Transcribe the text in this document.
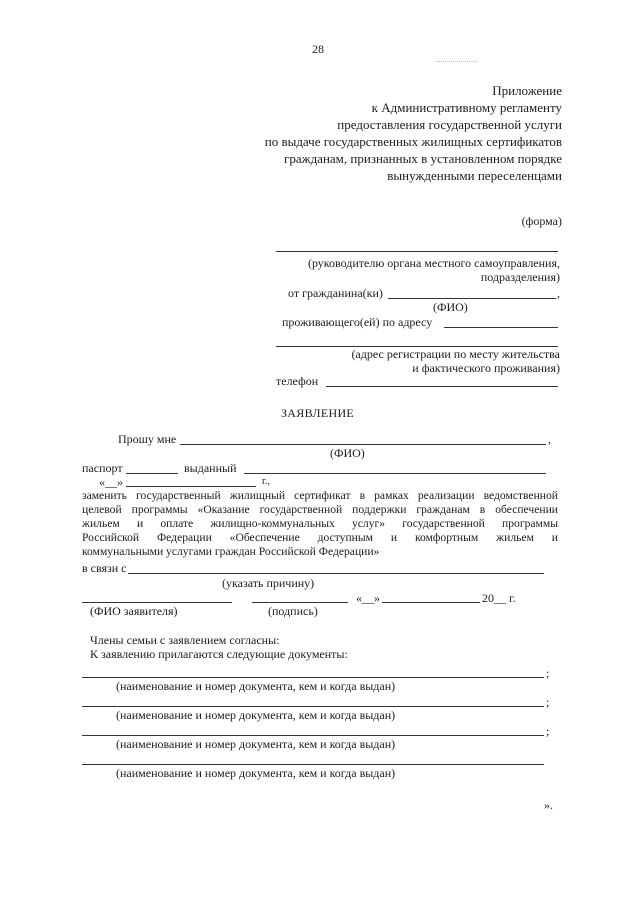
28
Приложение
к Административному регламенту
предоставления государственной услуги
по выдаче государственных жилищных сертификатов
гражданам, признанных в установленном порядке
вынужденными переселенцами
(форма)
(руководителю органа местного самоуправления,
подразделения)
от гражданина(ки)	,
(ФИО)
проживающего(ей) по адресу
(адрес регистрации по месту жительства
и фактического проживания)
телефон
ЗАЯВЛЕНИЕ
Прошу мне	,
(ФИО)
паспорт	выданный
«__»	г.,
заменить государственный жилищный сертификат в рамках реализации ведомственной
целевой программы «Оказание государственной поддержки гражданам в обеспечении
жильем и оплате жилищно-коммунальных услуг» государственной программы
Российской Федерации «Обеспечение доступным и комфортным жильем и
коммунальными услугами граждан Российской Федерации»
в связи с
(указать причину)
«__»	20__ г.
(ФИО заявителя)	(подпись)
Члены семьи с заявлением согласны:
К заявлению прилагаются следующие документы:
;
(наименование и номер документа, кем и когда выдан)
;
(наименование и номер документа, кем и когда выдан)
;
(наименование и номер документа, кем и когда выдан)
(наименование и номер документа, кем и когда выдан)
».
